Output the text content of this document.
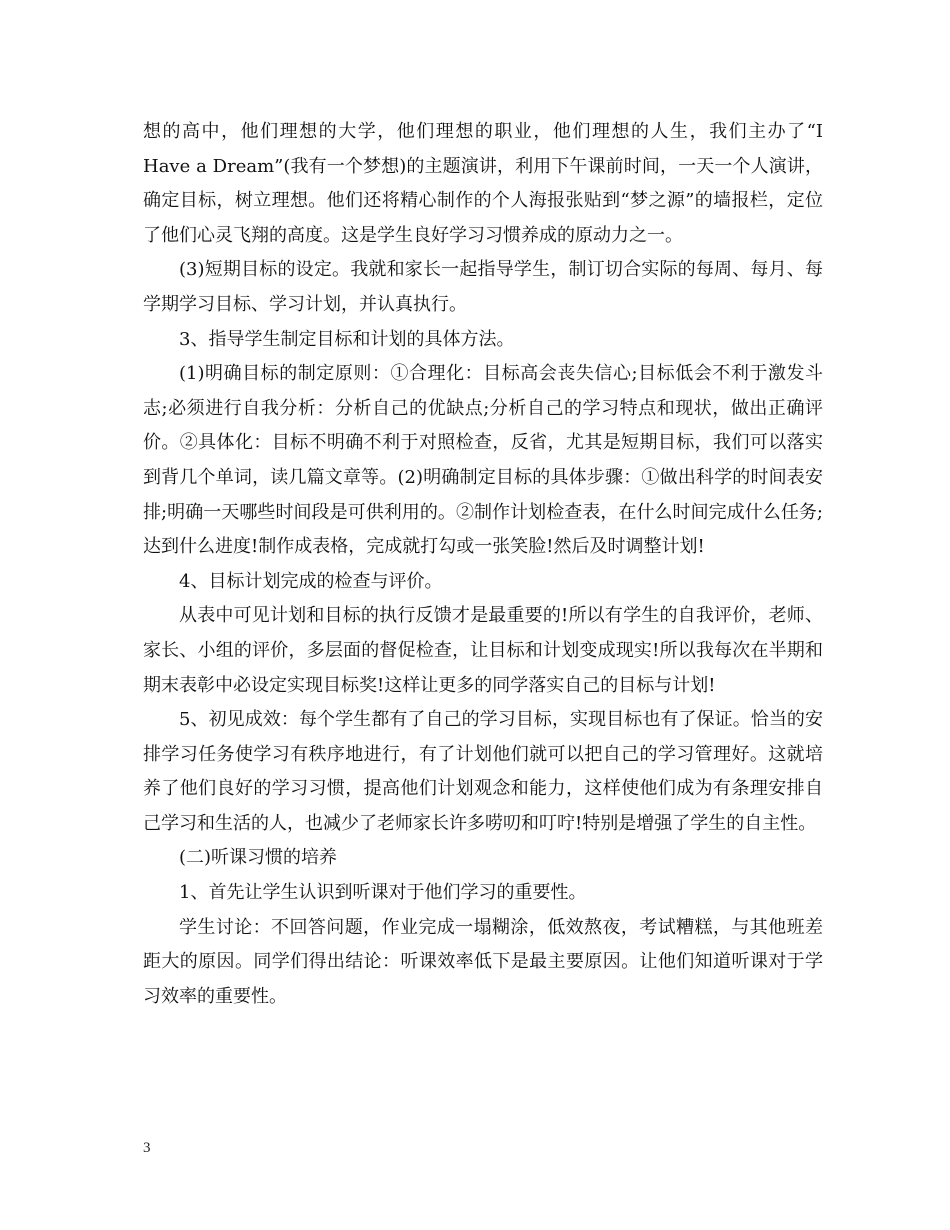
想的高中，他们理想的大学，他们理想的职业，他们理想的人生，我们主办了“I Have a Dream”(我有一个梦想)的主题演讲，利用下午课前时间，一天一个人演讲，确定目标，树立理想。他们还将精心制作的个人海报张贴到“梦之源”的墙报栏，定位了他们心灵飞翔的高度。这是学生良好学习习惯养成的原动力之一。

(3)短期目标的设定。我就和家长一起指导学生，制订切合实际的每周、每月、每学期学习目标、学习计划，并认真执行。

3、指导学生制定目标和计划的具体方法。

(1)明确目标的制定原则：①合理化：目标高会丧失信心;目标低会不利于激发斗志;必须进行自我分析：分析自己的优缺点;分析自己的学习特点和现状，做出正确评价。②具体化：目标不明确不利于对照检查，反省，尤其是短期目标，我们可以落实到背几个单词，读几篇文章等。(2)明确制定目标的具体步骤：①做出科学的时间表安排;明确一天哪些时间段是可供利用的。②制作计划检查表，在什么时间完成什么任务;达到什么进度!制作成表格，完成就打勾或一张笑脸!然后及时调整计划!

4、目标计划完成的检查与评价。

从表中可见计划和目标的执行反馈才是最重要的!所以有学生的自我评价，老师、家长、小组的评价，多层面的督促检查，让目标和计划变成现实!所以我每次在半期和期末表彰中必设定实现目标奖!这样让更多的同学落实自己的目标与计划!

5、初见成效：每个学生都有了自己的学习目标，实现目标也有了保证。恰当的安排学习任务使学习有秩序地进行，有了计划他们就可以把自己的学习管理好。这就培养了他们良好的学习习惯，提高他们计划观念和能力，这样使他们成为有条理安排自己学习和生活的人，也减少了老师家长许多唠叨和叮咛!特别是增强了学生的自主性。

(二)听课习惯的培养

1、首先让学生认识到听课对于他们学习的重要性。

学生讨论：不回答问题，作业完成一塌糊涂，低效熬夜，考试糟糕，与其他班差距大的原因。同学们得出结论：听课效率低下是最主要原因。让他们知道听课对于学习效率的重要性。

3
